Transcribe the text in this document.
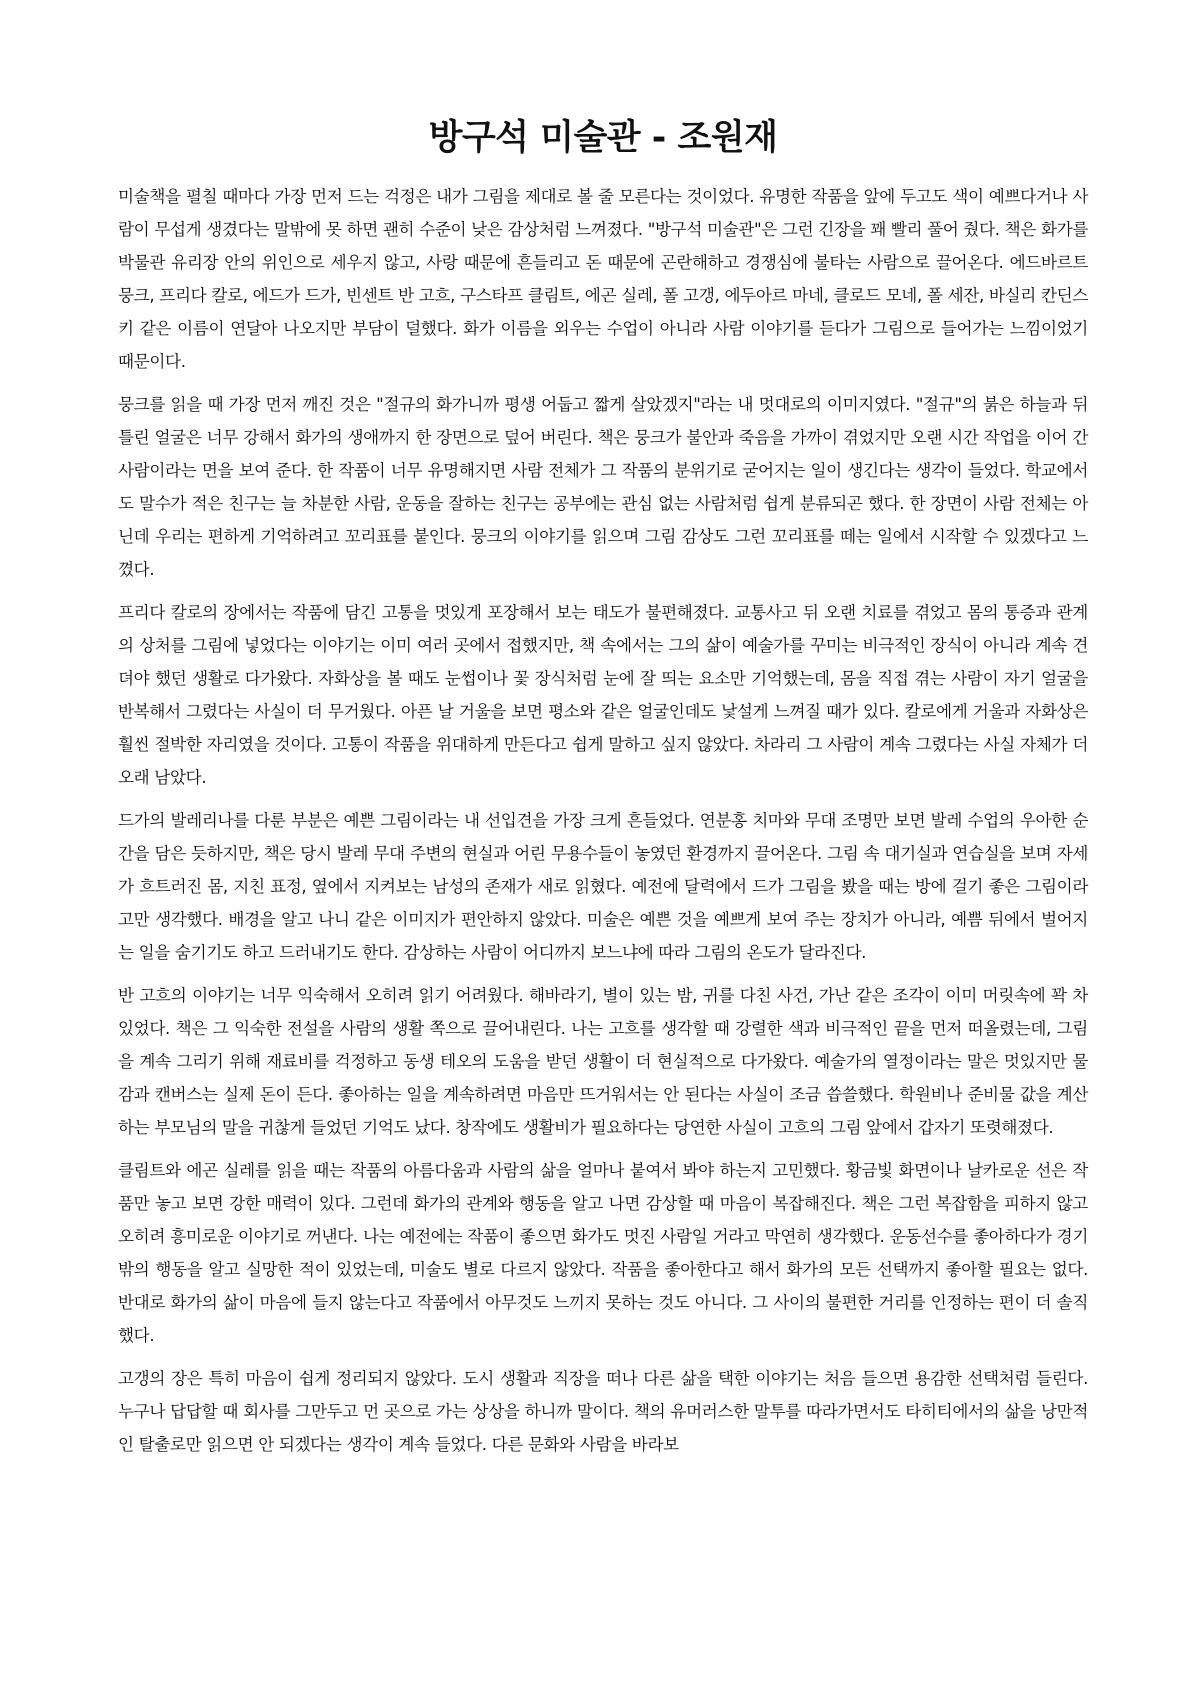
방구석 미술관 - 조원재

미술책을 펼칠 때마다 가장 먼저 드는 걱정은 내가 그림을 제대로 볼 줄 모른다는 것이었다. 유명한 작품을 앞에 두고도 색이 예쁘다거나 사람이 무섭게 생겼다는 말밖에 못 하면 괜히 수준이 낮은 감상처럼 느껴졌다. "방구석 미술관"은 그런 긴장을 꽤 빨리 풀어 줬다. 책은 화가를 박물관 유리장 안의 위인으로 세우지 않고, 사랑 때문에 흔들리고 돈 때문에 곤란해하고 경쟁심에 불타는 사람으로 끌어온다. 에드바르트 뭉크, 프리다 칼로, 에드가 드가, 빈센트 반 고흐, 구스타프 클림트, 에곤 실레, 폴 고갱, 에두아르 마네, 클로드 모네, 폴 세잔, 바실리 칸딘스키 같은 이름이 연달아 나오지만 부담이 덜했다. 화가 이름을 외우는 수업이 아니라 사람 이야기를 듣다가 그림으로 들어가는 느낌이었기 때문이다.

뭉크를 읽을 때 가장 먼저 깨진 것은 "절규의 화가니까 평생 어둡고 짧게 살았겠지"라는 내 멋대로의 이미지였다. "절규"의 붉은 하늘과 뒤틀린 얼굴은 너무 강해서 화가의 생애까지 한 장면으로 덮어 버린다. 책은 뭉크가 불안과 죽음을 가까이 겪었지만 오랜 시간 작업을 이어 간 사람이라는 면을 보여 준다. 한 작품이 너무 유명해지면 사람 전체가 그 작품의 분위기로 굳어지는 일이 생긴다는 생각이 들었다. 학교에서도 말수가 적은 친구는 늘 차분한 사람, 운동을 잘하는 친구는 공부에는 관심 없는 사람처럼 쉽게 분류되곤 했다. 한 장면이 사람 전체는 아닌데 우리는 편하게 기억하려고 꼬리표를 붙인다. 뭉크의 이야기를 읽으며 그림 감상도 그런 꼬리표를 떼는 일에서 시작할 수 있겠다고 느꼈다.

프리다 칼로의 장에서는 작품에 담긴 고통을 멋있게 포장해서 보는 태도가 불편해졌다. 교통사고 뒤 오랜 치료를 겪었고 몸의 통증과 관계의 상처를 그림에 넣었다는 이야기는 이미 여러 곳에서 접했지만, 책 속에서는 그의 삶이 예술가를 꾸미는 비극적인 장식이 아니라 계속 견뎌야 했던 생활로 다가왔다. 자화상을 볼 때도 눈썹이나 꽃 장식처럼 눈에 잘 띄는 요소만 기억했는데, 몸을 직접 겪는 사람이 자기 얼굴을 반복해서 그렸다는 사실이 더 무거웠다. 아픈 날 거울을 보면 평소와 같은 얼굴인데도 낯설게 느껴질 때가 있다. 칼로에게 거울과 자화상은 훨씬 절박한 자리였을 것이다. 고통이 작품을 위대하게 만든다고 쉽게 말하고 싶지 않았다. 차라리 그 사람이 계속 그렸다는 사실 자체가 더 오래 남았다.

드가의 발레리나를 다룬 부분은 예쁜 그림이라는 내 선입견을 가장 크게 흔들었다. 연분홍 치마와 무대 조명만 보면 발레 수업의 우아한 순간을 담은 듯하지만, 책은 당시 발레 무대 주변의 현실과 어린 무용수들이 놓였던 환경까지 끌어온다. 그림 속 대기실과 연습실을 보며 자세가 흐트러진 몸, 지친 표정, 옆에서 지켜보는 남성의 존재가 새로 읽혔다. 예전에 달력에서 드가 그림을 봤을 때는 방에 걸기 좋은 그림이라고만 생각했다. 배경을 알고 나니 같은 이미지가 편안하지 않았다. 미술은 예쁜 것을 예쁘게 보여 주는 장치가 아니라, 예쁨 뒤에서 벌어지는 일을 숨기기도 하고 드러내기도 한다. 감상하는 사람이 어디까지 보느냐에 따라 그림의 온도가 달라진다.

반 고흐의 이야기는 너무 익숙해서 오히려 읽기 어려웠다. 해바라기, 별이 있는 밤, 귀를 다친 사건, 가난 같은 조각이 이미 머릿속에 꽉 차 있었다. 책은 그 익숙한 전설을 사람의 생활 쪽으로 끌어내린다. 나는 고흐를 생각할 때 강렬한 색과 비극적인 끝을 먼저 떠올렸는데, 그림을 계속 그리기 위해 재료비를 걱정하고 동생 테오의 도움을 받던 생활이 더 현실적으로 다가왔다. 예술가의 열정이라는 말은 멋있지만 물감과 캔버스는 실제 돈이 든다. 좋아하는 일을 계속하려면 마음만 뜨거워서는 안 된다는 사실이 조금 씁쓸했다. 학원비나 준비물 값을 계산하는 부모님의 말을 귀찮게 들었던 기억도 났다. 창작에도 생활비가 필요하다는 당연한 사실이 고흐의 그림 앞에서 갑자기 또렷해졌다.

클림트와 에곤 실레를 읽을 때는 작품의 아름다움과 사람의 삶을 얼마나 붙여서 봐야 하는지 고민했다. 황금빛 화면이나 날카로운 선은 작품만 놓고 보면 강한 매력이 있다. 그런데 화가의 관계와 행동을 알고 나면 감상할 때 마음이 복잡해진다. 책은 그런 복잡함을 피하지 않고 오히려 흥미로운 이야기로 꺼낸다. 나는 예전에는 작품이 좋으면 화가도 멋진 사람일 거라고 막연히 생각했다. 운동선수를 좋아하다가 경기 밖의 행동을 알고 실망한 적이 있었는데, 미술도 별로 다르지 않았다. 작품을 좋아한다고 해서 화가의 모든 선택까지 좋아할 필요는 없다. 반대로 화가의 삶이 마음에 들지 않는다고 작품에서 아무것도 느끼지 못하는 것도 아니다. 그 사이의 불편한 거리를 인정하는 편이 더 솔직했다.

고갱의 장은 특히 마음이 쉽게 정리되지 않았다. 도시 생활과 직장을 떠나 다른 삶을 택한 이야기는 처음 들으면 용감한 선택처럼 들린다. 누구나 답답할 때 회사를 그만두고 먼 곳으로 가는 상상을 하니까 말이다. 책의 유머러스한 말투를 따라가면서도 타히티에서의 삶을 낭만적인 탈출로만 읽으면 안 되겠다는 생각이 계속 들었다. 다른 문화와 사람을 바라보
